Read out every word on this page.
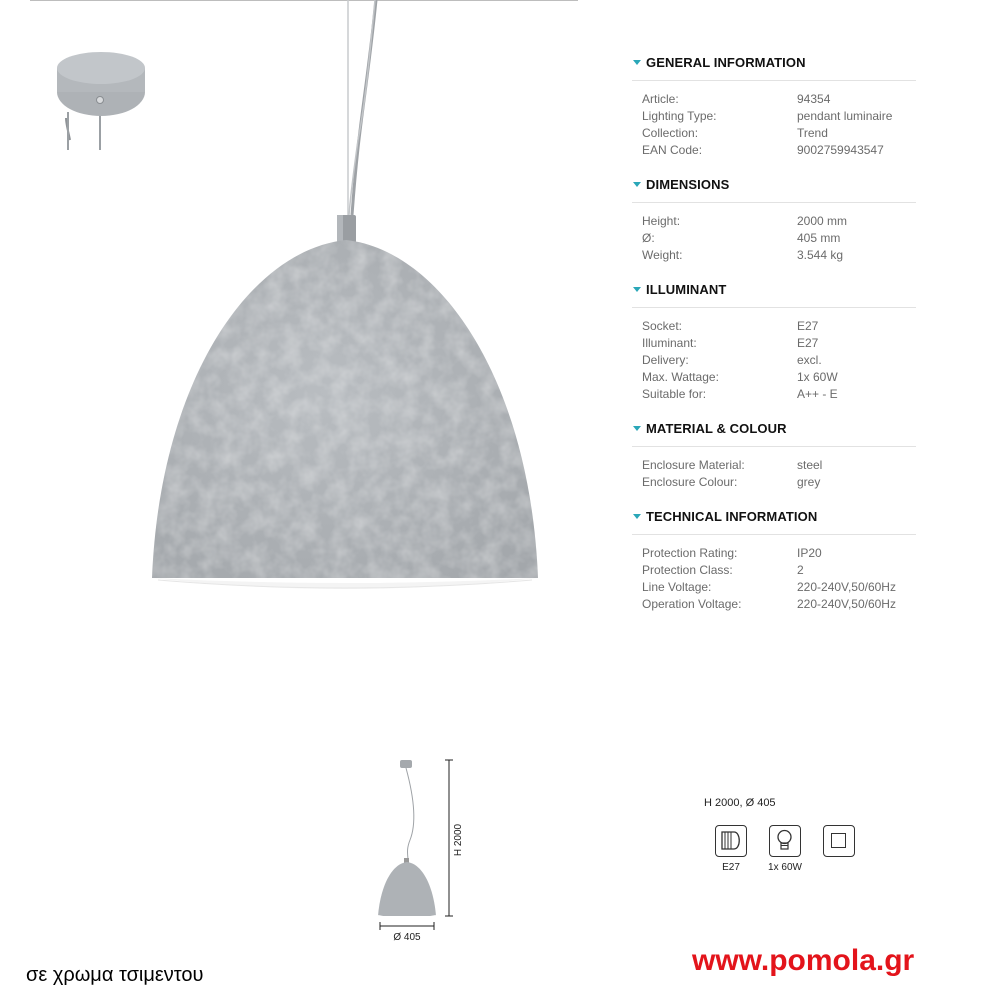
GENERAL INFORMATION
Article:	94354
Lighting Type:	pendant luminaire
Collection:	Trend
EAN Code:	9002759943547
DIMENSIONS
Height:	2000 mm
Ø:	405 mm
Weight:	3.544 kg
ILLUMINANT
Socket:	E27
Illuminant:	E27
Delivery:	excl.
Max. Wattage:	1x 60W
Suitable for:	A++ - E
MATERIAL & COLOUR
Enclosure Material:	steel
Enclosure Colour:	grey
TECHNICAL INFORMATION
Protection Rating:	IP20
Protection Class:	2
Line Voltage:	220-240V,50/60Hz
Operation Voltage:	220-240V,50/60Hz
H 2000
Ø 405
H 2000, Ø 405
E27	1x 60W
σε χρωμα τσιμεντου	www.pomola.gr
